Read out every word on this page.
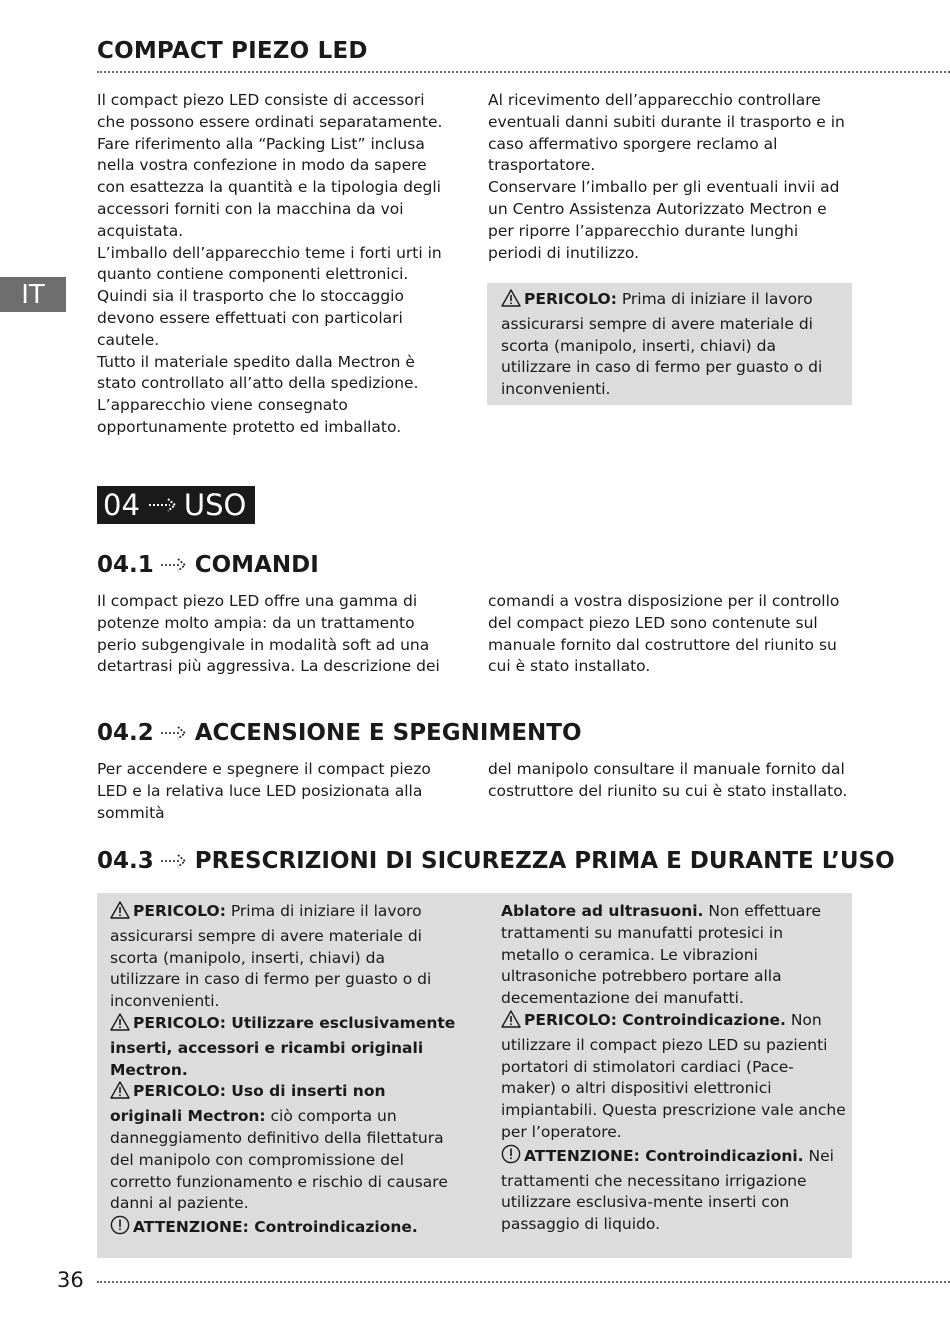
COMPACT PIEZO LED
IT

Il compact piezo LED consiste di accessori che possono essere ordinati separatamente. Fare riferimento alla “Packing List” inclusa nella vostra confezione in modo da sapere con esattezza la quantità e la tipologia degli accessori forniti con la macchina da voi acquistata.

L’imballo dell’apparecchio teme i forti urti in quanto contiene componenti elettronici. Quindi sia il trasporto che lo stoccaggio devono essere effettuati con particolari cautele.

Tutto il materiale spedito dalla Mectron è stato controllato all’atto della spedizione. L’apparecchio viene consegnato opportunamente protetto ed imballato.

Al ricevimento dell’apparecchio controllare eventuali danni subiti durante il trasporto e in caso affermativo sporgere reclamo al trasportatore.

Conservare l’imballo per gli eventuali invii ad un Centro Assistenza Autorizzato Mectron e per riporre l’apparecchio durante lunghi periodi di inutilizzo.

PERICOLO: Prima di iniziare il lavoro assicurarsi sempre di avere materiale di scorta (manipolo, inserti, chiavi) da utilizzare in caso di fermo per guasto o di inconvenienti.
04 USO
04.1 COMANDI

Il compact piezo LED offre una gamma di potenze molto ampia: da un trattamento perio subgengivale in modalità soft ad una detartrasi più aggressiva. La descrizione dei

comandi a vostra disposizione per il controllo del compact piezo LED sono contenute sul manuale fornito dal costruttore del riunito su cui è stato installato.

04.2 ACCENSIONE E SPEGNIMENTO

Per accendere e spegnere il compact piezo LED e la relativa luce LED posizionata alla sommità

del manipolo consultare il manuale fornito dal costruttore del riunito su cui è stato installato.

04.3 PRESCRIZIONI DI SICUREZZA PRIMA E DURANTE L’USO

PERICOLO: Prima di iniziare il lavoro assicurarsi sempre di avere materiale di scorta (manipolo, inserti, chiavi) da utilizzare in caso di fermo per guasto o di inconvenienti.

PERICOLO: Utilizzare esclusivamente inserti, accessori e ricambi originali Mectron.

PERICOLO: Uso di inserti non originali Mectron: ciò comporta un danneggiamento definitivo della filettatura del manipolo con compromissione del corretto funzionamento e rischio di causare danni al paziente.

ATTENZIONE: Controindicazione.

Ablatore ad ultrasuoni. Non effettuare trattamenti su manufatti protesici in metallo o ceramica. Le vibrazioni ultrasoniche potrebbero portare alla decementazione dei manufatti.

PERICOLO: Controindicazione. Non utilizzare il compact piezo LED su pazienti portatori di stimolatori cardiaci (Pace-maker) o altri dispositivi elettronici impiantabili. Questa prescrizione vale anche per l’operatore.

ATTENZIONE: Controindicazioni. Nei trattamenti che necessitano irrigazione utilizzare esclusiva-mente inserti con passaggio di liquido.

36
